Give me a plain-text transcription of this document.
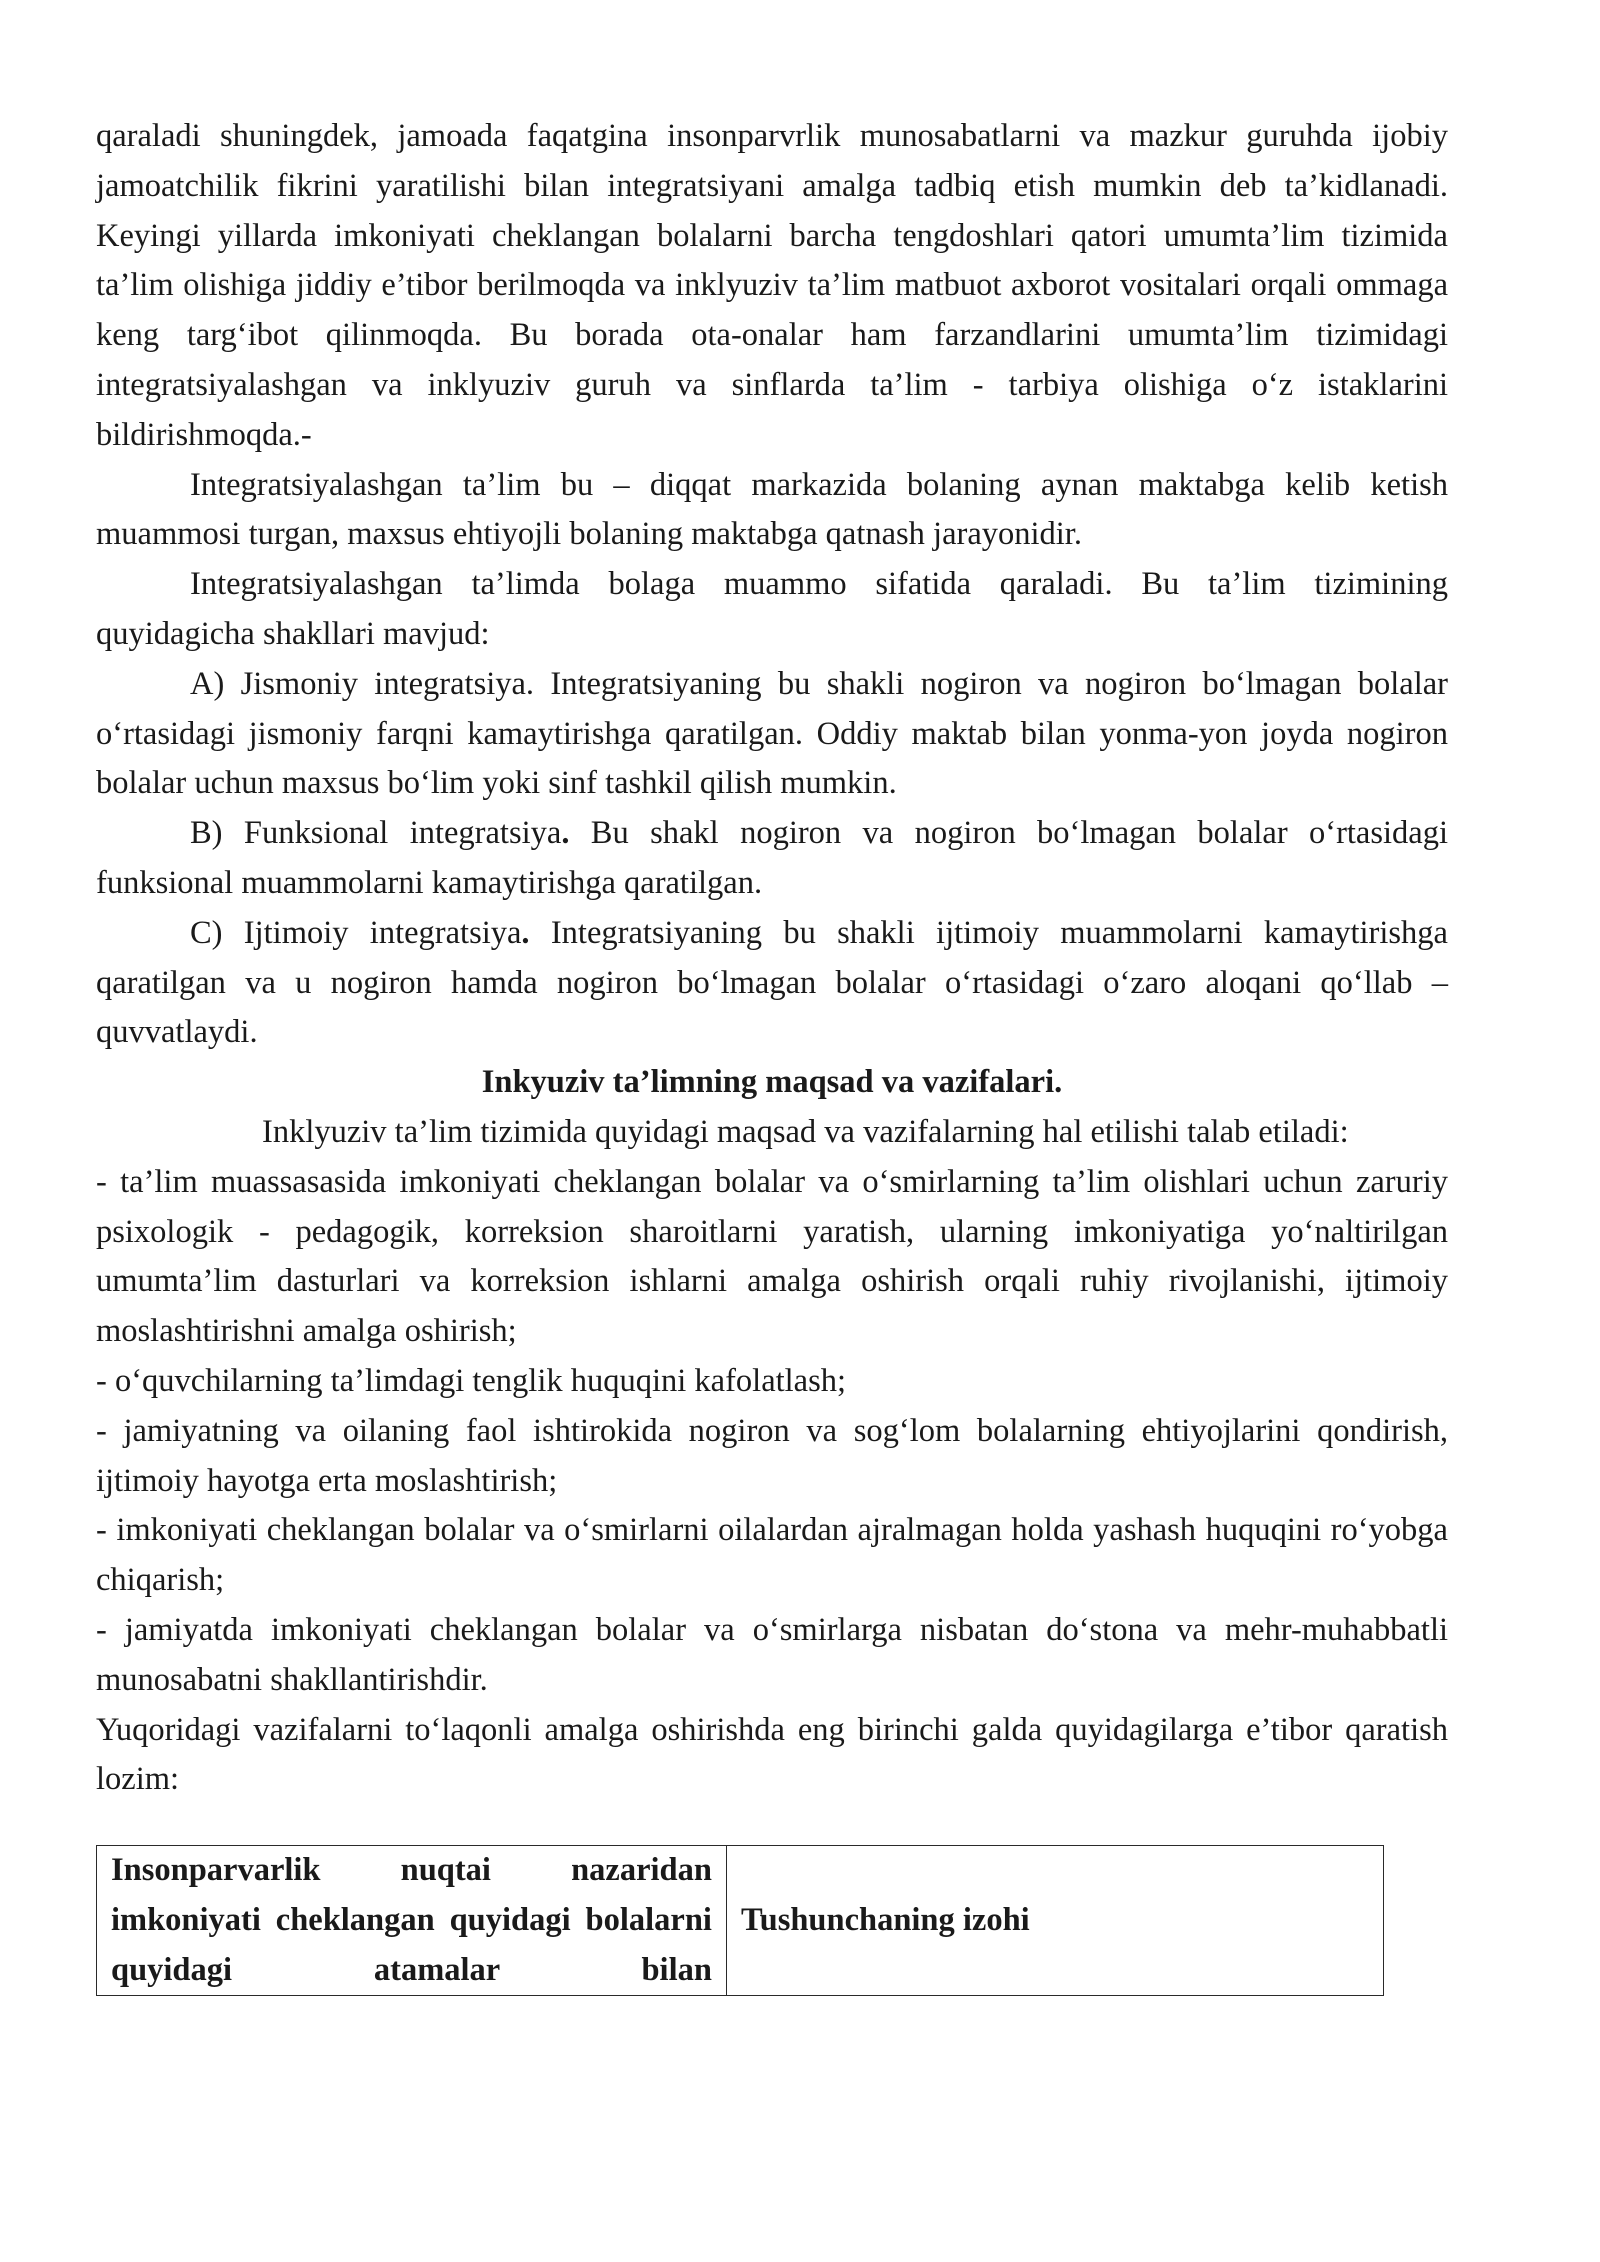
qaraladi shuningdek, jamoada faqatgina insonparvrlik munosabatlarni va mazkur guruhda ijobiy jamoatchilik fikrini yaratilishi bilan integratsiyani amalga tadbiq etish mumkin deb ta’kidlanadi. Keyingi yillarda imkoniyati cheklangan bolalarni barcha tengdoshlari qatori umumta’lim tizimida ta’lim olishiga jiddiy e’tibor berilmoqda va inklyuziv ta’lim matbuot axborot vositalari orqali ommaga keng targ‘ibot qilinmoqda. Bu borada ota-onalar ham farzandlarini umumta’lim tizimidagi integratsiyalashgan va inklyuziv guruh va sinflarda ta’lim - tarbiya olishiga o‘z istaklarini bildirishmoqda.-

Integratsiyalashgan ta’lim bu – diqqat markazida bolaning aynan maktabga kelib ketish muammosi turgan, maxsus ehtiyojli bolaning maktabga qatnash jarayonidir.

Integratsiyalashgan ta’limda bolaga muammo sifatida qaraladi. Bu ta’lim tizimining quyidagicha shakllari mavjud:

A) Jismoniy integratsiya. Integratsiyaning bu shakli nogiron va nogiron bo‘lmagan bolalar o‘rtasidagi jismoniy farqni kamaytirishga qaratilgan. Oddiy maktab bilan yonma-yon joyda nogiron bolalar uchun maxsus bo‘lim yoki sinf tashkil qilish mumkin.

B) Funksional integratsiya. Bu shakl nogiron va nogiron bo‘lmagan bolalar o‘rtasidagi funksional muammolarni kamaytirishga qaratilgan.

C) Ijtimoiy integratsiya. Integratsiyaning bu shakli ijtimoiy muammolarni kamaytirishga qaratilgan va u nogiron hamda nogiron bo‘lmagan bolalar o‘rtasidagi o‘zaro aloqani qo‘llab – quvvatlaydi.

Inkyuziv ta’limning maqsad va vazifalari.

Inklyuziv ta’lim tizimida quyidagi maqsad va vazifalarning hal etilishi talab etiladi:

- ta’lim muassasasida imkoniyati cheklangan bolalar va o‘smirlarning ta’lim olishlari uchun zaruriy psixologik - pedagogik, korreksion sharoitlarni yaratish, ularning imkoniyatiga yo‘naltirilgan umumta’lim dasturlari va korreksion ishlarni amalga oshirish orqali ruhiy rivojlanishi, ijtimoiy moslashtirishni amalga oshirish;

- o‘quvchilarning ta’limdagi tenglik huquqini kafolatlash;

- jamiyatning va oilaning faol ishtirokida nogiron va sog‘lom bolalarning ehtiyojlarini qondirish, ijtimoiy hayotga erta moslashtirish;

- imkoniyati cheklangan bolalar va o‘smirlarni oilalardan ajralmagan holda yashash huquqini ro‘yobga chiqarish;

- jamiyatda imkoniyati cheklangan bolalar va o‘smirlarga nisbatan do‘stona va mehr-muhabbatli munosabatni shakllantirishdir.

Yuqoridagi vazifalarni to‘laqonli amalga oshirishda eng birinchi galda quyidagilarga e’tibor qaratish lozim:

Insonparvarlik nuqtai nazaridan imkoniyati cheklangan quyidagi bolalarni quyidagi atamalar bilan	Tushunchaning izohi
